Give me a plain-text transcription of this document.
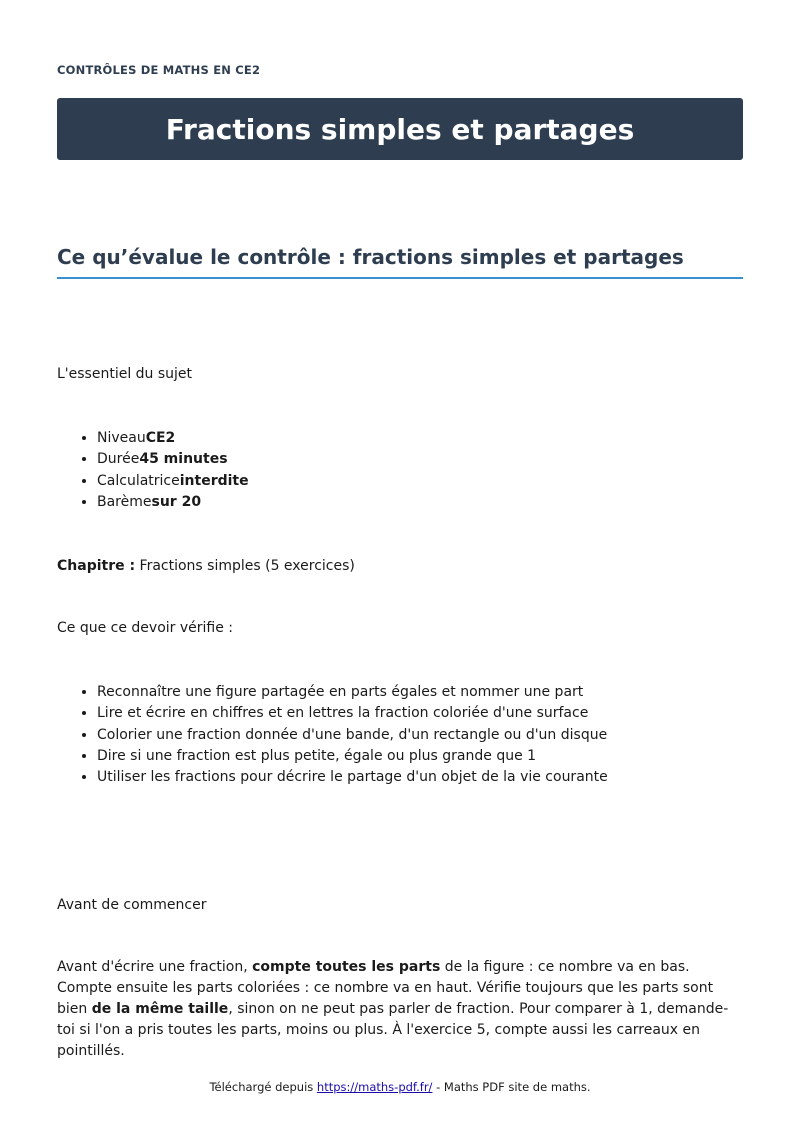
CONTRÔLES DE MATHS EN CE2
Fractions simples et partages
Ce qu’évalue le contrôle : fractions simples et partages

L'essentiel du sujet

• NiveauCE2
• Durée45 minutes
• Calculatriceinterdite
• Barèmesur 20

Chapitre : Fractions simples (5 exercices)

Ce que ce devoir vérifie :

• Reconnaître une figure partagée en parts égales et nommer une part
• Lire et écrire en chiffres et en lettres la fraction coloriée d'une surface
• Colorier une fraction donnée d'une bande, d'un rectangle ou d'un disque
• Dire si une fraction est plus petite, égale ou plus grande que 1
• Utiliser les fractions pour décrire le partage d'un objet de la vie courante

Avant de commencer

Avant d'écrire une fraction, compte toutes les parts de la figure : ce nombre va en bas. Compte ensuite les parts coloriées : ce nombre va en haut. Vérifie toujours que les parts sont bien de la même taille, sinon on ne peut pas parler de fraction. Pour comparer à 1, demande-toi si l'on a pris toutes les parts, moins ou plus. À l'exercice 5, compte aussi les carreaux en pointillés.

Téléchargé depuis https://maths-pdf.fr/ - Maths PDF site de maths.
